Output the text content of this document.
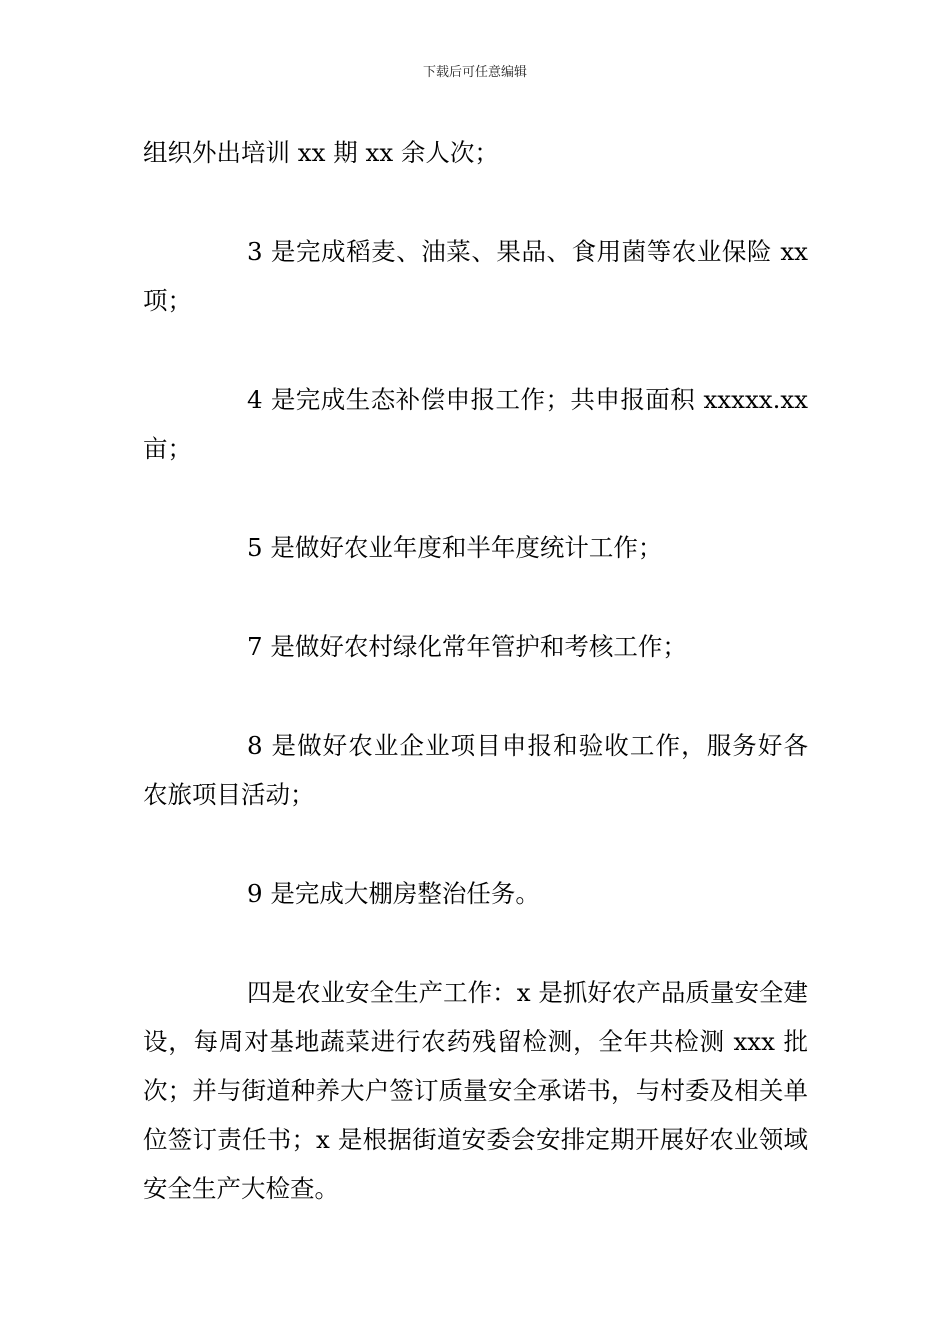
下载后可任意编辑

组织外出培训 xx 期 xx 余人次；

3 是完成稻麦、油菜、果品、食用菌等农业保险 xx 项；

4 是完成生态补偿申报工作；共申报面积 xxxxx.xx 亩；

5 是做好农业年度和半年度统计工作；

7 是做好农村绿化常年管护和考核工作；

8 是做好农业企业项目申报和验收工作，服务好各农旅项目活动；

9 是完成大棚房整治任务。

四是农业安全生产工作：x 是抓好农产品质量安全建设，每周对基地蔬菜进行农药残留检测，全年共检测 xxx 批次；并与街道种养大户签订质量安全承诺书，与村委及相关单位签订责任书；x 是根据街道安委会安排定期开展好农业领域安全生产大检查。
